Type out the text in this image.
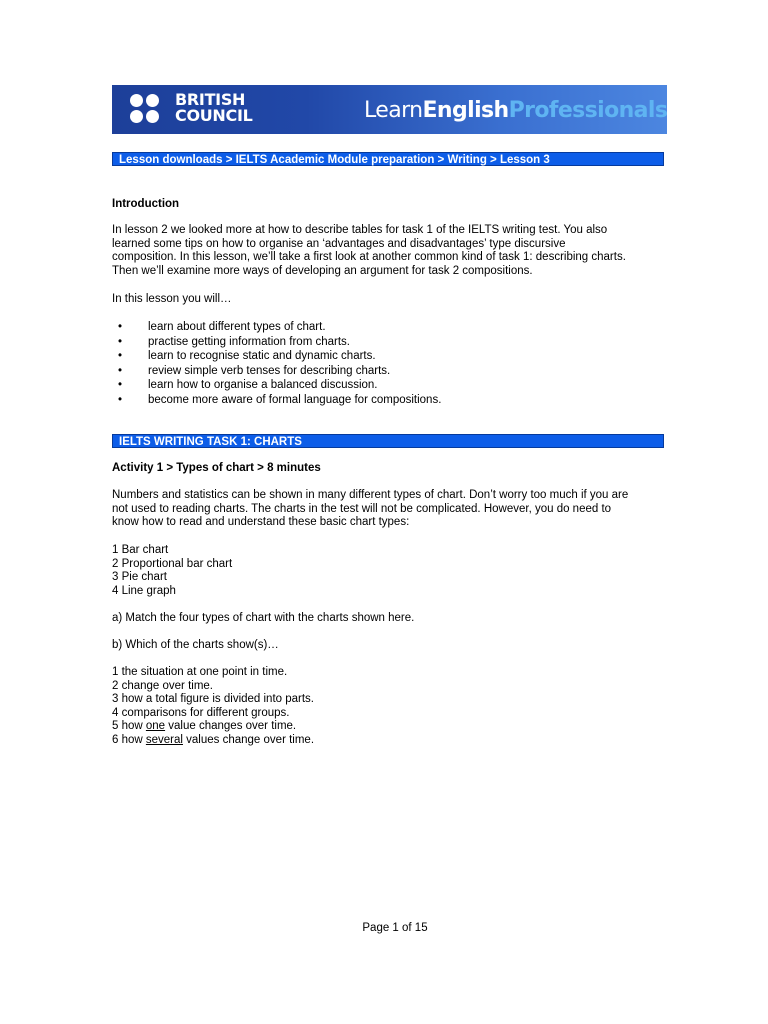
BRITISH
COUNCIL	LearnEnglishProfessionals
Lesson downloads > IELTS Academic Module preparation > Writing > Lesson 3
Introduction
In lesson 2 we looked more at how to describe tables for task 1 of the IELTS writing test. You also
learned some tips on how to organise an ‘advantages and disadvantages’ type discursive
composition. In this lesson, we’ll take a first look at another common kind of task 1: describing charts.
Then we’ll examine more ways of developing an argument for task 2 compositions.
In this lesson you will…
• learn about different types of chart.
• practise getting information from charts.
• learn to recognise static and dynamic charts.
• review simple verb tenses for describing charts.
• learn how to organise a balanced discussion.
• become more aware of formal language for compositions.
IELTS WRITING TASK 1: CHARTS
Activity 1 > Types of chart > 8 minutes
Numbers and statistics can be shown in many different types of chart. Don’t worry too much if you are
not used to reading charts. The charts in the test will not be complicated. However, you do need to
know how to read and understand these basic chart types:
1 Bar chart
2 Proportional bar chart
3 Pie chart
4 Line graph
a) Match the four types of chart with the charts shown here.
b) Which of the charts show(s)…
1 the situation at one point in time.
2 change over time.
3 how a total figure is divided into parts.
4 comparisons for different groups.
5 how one value changes over time.
6 how several values change over time.
Page 1 of 15
